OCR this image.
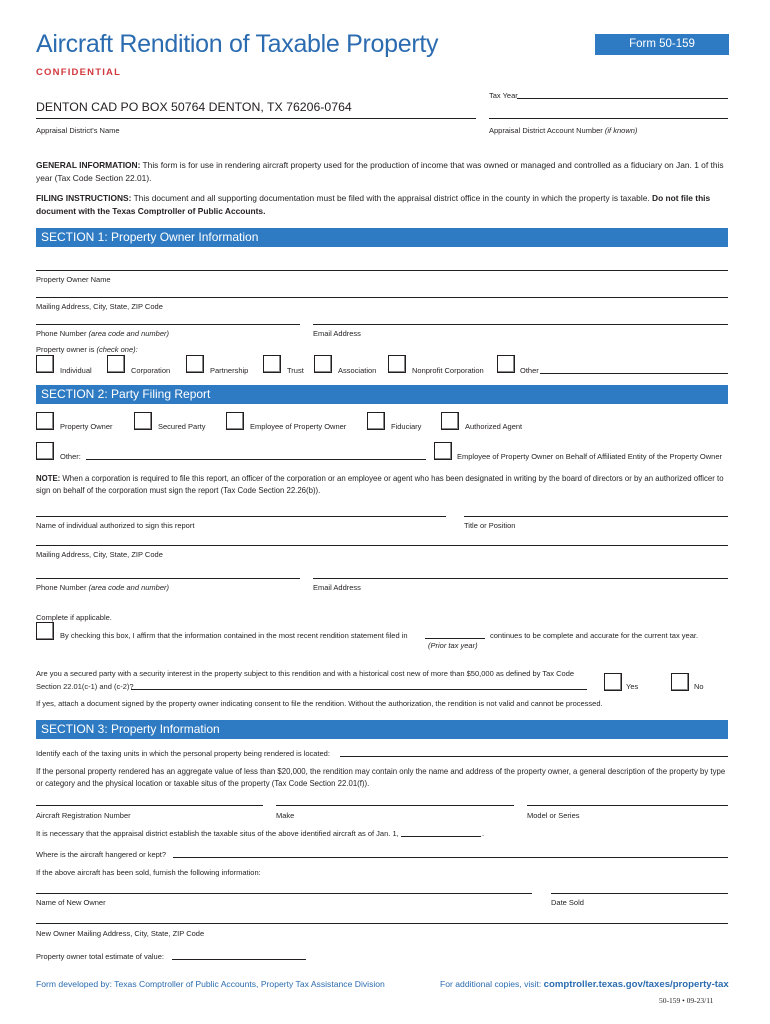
Aircraft Rendition of Taxable Property	Form 50-159
CONFIDENTIAL
Tax Year
DENTON CAD PO BOX 50764 DENTON, TX 76206-0764
Appraisal District's Name	Appraisal District Account Number (if known)
GENERAL INFORMATION: This form is for use in rendering aircraft property used for the production of income that was owned or managed and controlled as a fiduciary on Jan. 1 of this year (Tax Code Section 22.01).
FILING INSTRUCTIONS: This document and all supporting documentation must be filed with the appraisal district office in the county in which the property is taxable. Do not file this document with the Texas Comptroller of Public Accounts.
SECTION 1: Property Owner Information
Property Owner Name
Mailing Address, City, State, ZIP Code
Phone Number (area code and number)	Email Address
Property owner is (check one):
Individual	Corporation	Partnership	Trust	Association	Nonprofit Corporation	Other
SECTION 2: Party Filing Report
Property Owner	Secured Party	Employee of Property Owner	Fiduciary	Authorized Agent
Other:	Employee of Property Owner on Behalf of Affiliated Entity of the Property Owner
NOTE: When a corporation is required to file this report, an officer of the corporation or an employee or agent who has been designated in writing by the board of directors or by an authorized officer to sign on behalf of the corporation must sign the report (Tax Code Section 22.26(b)).
Name of individual authorized to sign this report	Title or Position
Mailing Address, City, State, ZIP Code
Phone Number (area code and number)	Email Address
Complete if applicable.
By checking this box, I affirm that the information contained in the most recent rendition statement filed in	continues to be complete and accurate for the current tax year.
(Prior tax year)
Are you a secured party with a security interest in the property subject to this rendition and with a historical cost new of more than $50,000 as defined by Tax Code
Section 22.01(c-1) and (c-2)?	Yes	No
If yes, attach a document signed by the property owner indicating consent to file the rendition. Without the authorization, the rendition is not valid and cannot be processed.
SECTION 3: Property Information
Identify each of the taxing units in which the personal property being rendered is located:
If the personal property rendered has an aggregate value of less than $20,000, the rendition may contain only the name and address of the property owner, a general description of the property by type or category and the physical location or taxable situs of the property (Tax Code Section 22.01(f)).
Aircraft Registration Number	Make	Model or Series
It is necessary that the appraisal district establish the taxable situs of the above identified aircraft as of Jan. 1,	.
Where is the aircraft hangered or kept?
If the above aircraft has been sold, furnish the following information:
Name of New Owner	Date Sold
New Owner Mailing Address, City, State, ZIP Code
Property owner total estimate of value:
Form developed by: Texas Comptroller of Public Accounts, Property Tax Assistance Division	For additional copies, visit: comptroller.texas.gov/taxes/property-tax
50-159 • 09-23/11
